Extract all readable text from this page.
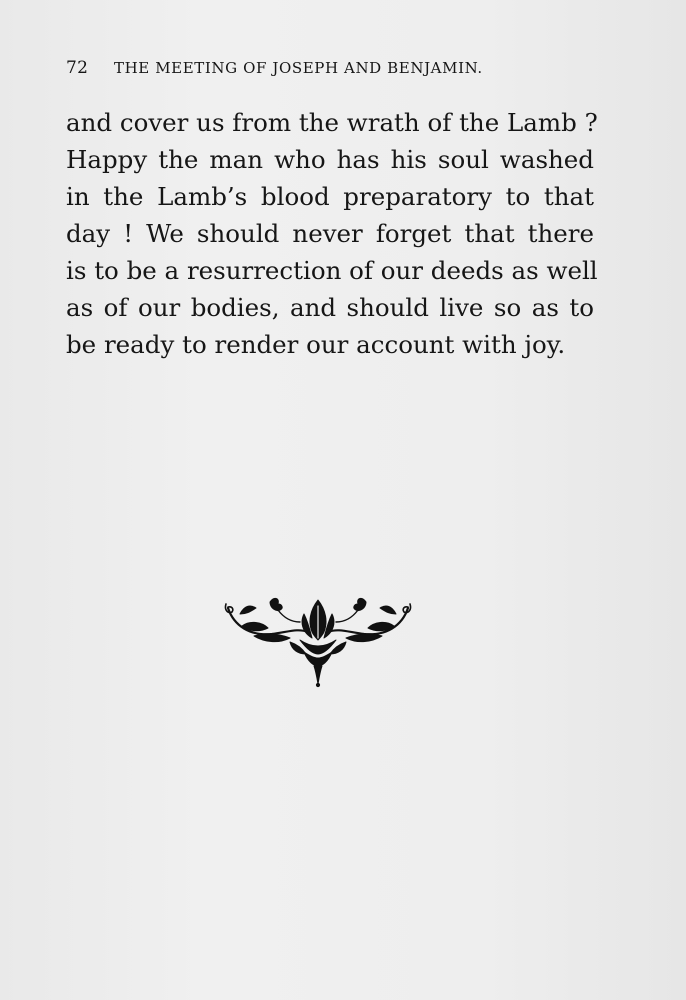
72 THE MEETING OF JOSEPH AND BENJAMIN.
and cover us from the wrath of the Lamb ?
Happy the man who has his soul washed
in the Lamb’s blood preparatory to that
day ! We should never forget that there
is to be a resurrection of our deeds as well
as of our bodies, and should live so as to
be ready to render our account with joy.
